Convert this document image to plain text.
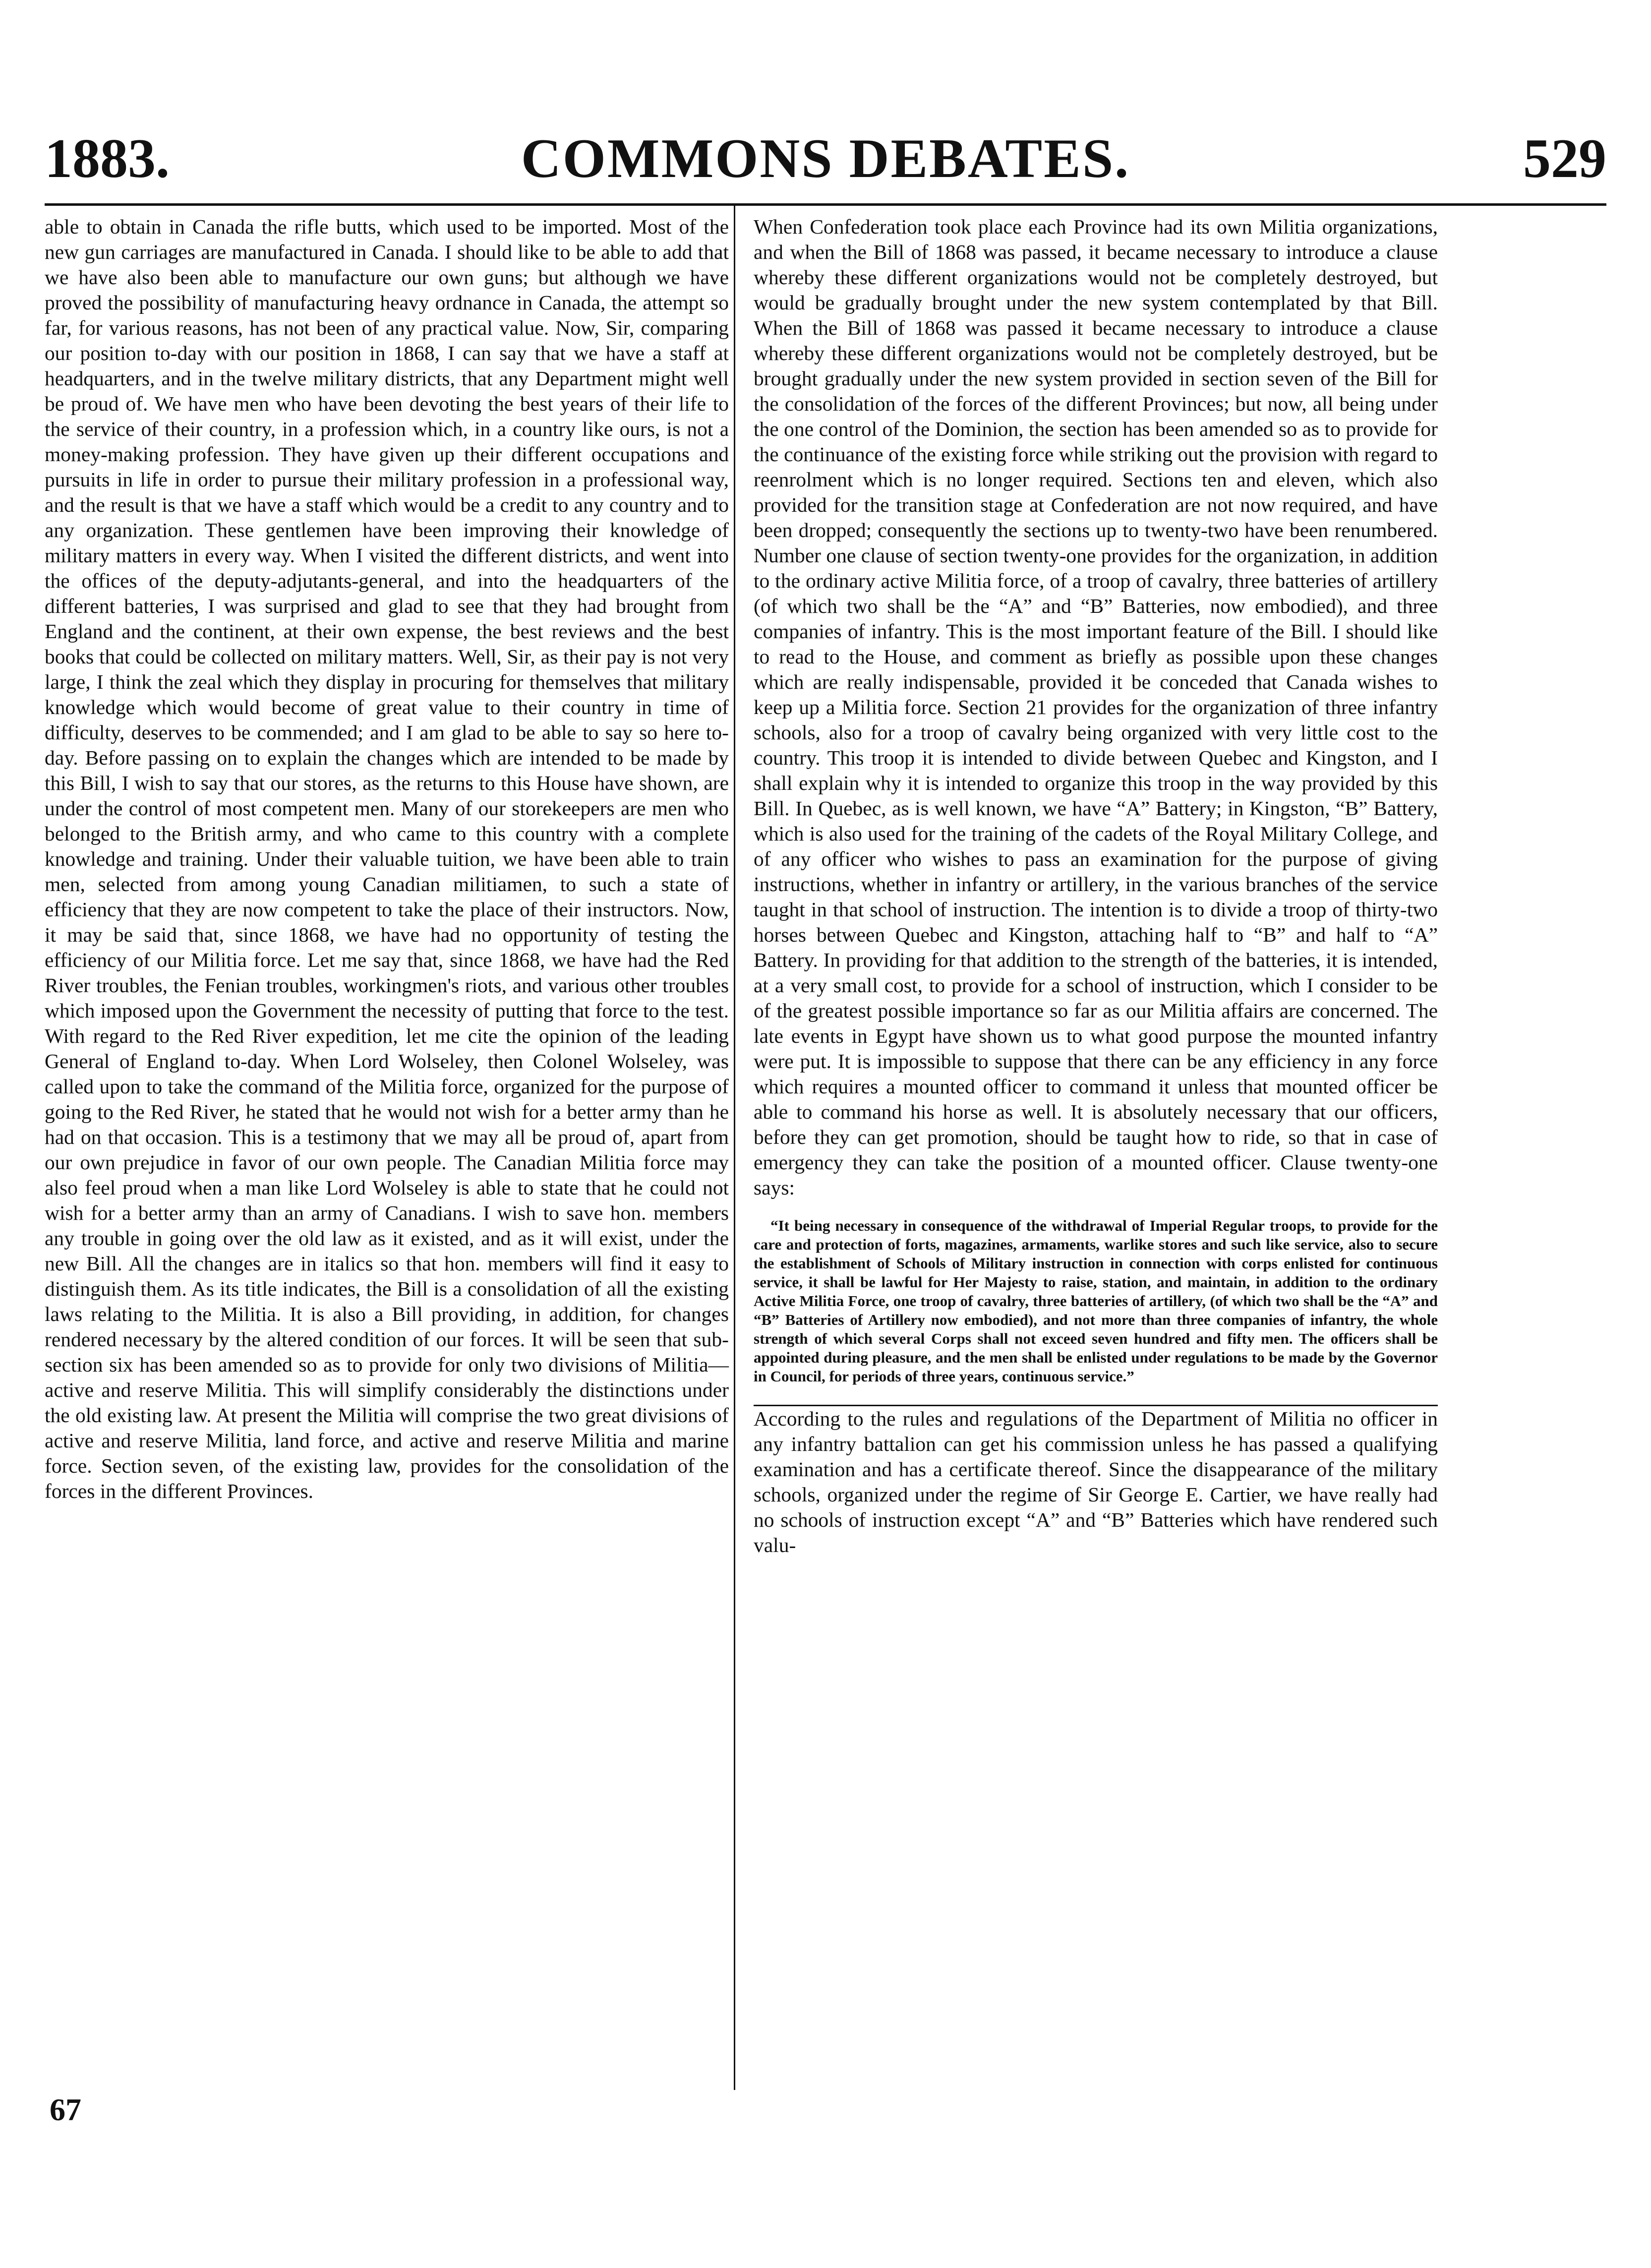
1883.	COMMONS DEBATES.	529

able to obtain in Canada the rifle butts, which used to be imported. Most of the new gun carriages are manufactured in Canada. I should like to be able to add that we have also been able to manufacture our own guns; but although we have proved the possibility of manufacturing heavy ordnance in Canada, the attempt so far, for various reasons, has not been of any practical value. Now, Sir, comparing our position to-day with our position in 1868, I can say that we have a staff at headquarters, and in the twelve military districts, that any Department might well be proud of. We have men who have been devoting the best years of their life to the service of their country, in a profession which, in a country like ours, is not a money-making profession. They have given up their different occupations and pursuits in life in order to pursue their military profession in a professional way, and the result is that we have a staff which would be a credit to any country and to any organization. These gentlemen have been improving their knowledge of military matters in every way. When I visited the different districts, and went into the offices of the deputy-adjutants-general, and into the headquarters of the different batteries, I was surprised and glad to see that they had brought from England and the continent, at their own expense, the best reviews and the best books that could be collected on military matters. Well, Sir, as their pay is not very large, I think the zeal which they display in procuring for themselves that military knowledge which would become of great value to their country in time of difficulty, deserves to be commended; and I am glad to be able to say so here to-day. Before passing on to explain the changes which are intended to be made by this Bill, I wish to say that our stores, as the returns to this House have shown, are under the control of most competent men. Many of our storekeepers are men who belonged to the British army, and who came to this country with a complete knowledge and training. Under their valuable tuition, we have been able to train men, selected from among young Canadian militiamen, to such a state of efficiency that they are now competent to take the place of their instructors. Now, it may be said that, since 1868, we have had no opportunity of testing the efficiency of our Militia force. Let me say that, since 1868, we have had the Red River troubles, the Fenian troubles, workingmen's riots, and various other troubles which imposed upon the Government the necessity of putting that force to the test. With regard to the Red River expedition, let me cite the opinion of the leading General of England to-day. When Lord Wolseley, then Colonel Wolseley, was called upon to take the command of the Militia force, organized for the purpose of going to the Red River, he stated that he would not wish for a better army than he had on that occasion. This is a testimony that we may all be proud of, apart from our own prejudice in favor of our own people. The Canadian Militia force may also feel proud when a man like Lord Wolseley is able to state that he could not wish for a better army than an army of Canadians. I wish to save hon. members any trouble in going over the old law as it existed, and as it will exist, under the new Bill. All the changes are in italics so that hon. members will find it easy to distinguish them. As its title indicates, the Bill is a consolidation of all the existing laws relating to the Militia. It is also a Bill providing, in addition, for changes rendered necessary by the altered condition of our forces. It will be seen that sub-section six has been amended so as to provide for only two divisions of Militia—active and reserve Militia. This will simplify considerably the distinctions under the old existing law. At present the Militia will comprise the two great divisions of active and reserve Militia, land force, and active and reserve Militia and marine force. Section seven, of the existing law, provides for the consolidation of the forces in the different Provinces.

When Confederation took place each Province had its own Militia organizations, and when the Bill of 1868 was passed, it became necessary to introduce a clause whereby these different organizations would not be completely destroyed, but would be gradually brought under the new system contemplated by that Bill. When the Bill of 1868 was passed it became necessary to introduce a clause whereby these different organizations would not be completely destroyed, but be brought gradually under the new system provided in section seven of the Bill for the consolidation of the forces of the different Provinces; but now, all being under the one control of the Dominion, the section has been amended so as to provide for the continuance of the existing force while striking out the provision with regard to reenrolment which is no longer required. Sections ten and eleven, which also provided for the transition stage at Confederation are not now required, and have been dropped; consequently the sections up to twenty-two have been renumbered. Number one clause of section twenty-one provides for the organization, in addition to the ordinary active Militia force, of a troop of cavalry, three batteries of artillery (of which two shall be the “A” and “B” Batteries, now embodied), and three companies of infantry. This is the most important feature of the Bill. I should like to read to the House, and comment as briefly as possible upon these changes which are really indispensable, provided it be conceded that Canada wishes to keep up a Militia force. Section 21 provides for the organization of three infantry schools, also for a troop of cavalry being organized with very little cost to the country. This troop it is intended to divide between Quebec and Kingston, and I shall explain why it is intended to organize this troop in the way provided by this Bill. In Quebec, as is well known, we have “A” Battery; in Kingston, “B” Battery, which is also used for the training of the cadets of the Royal Military College, and of any officer who wishes to pass an examination for the purpose of giving instructions, whether in infantry or artillery, in the various branches of the service taught in that school of instruction. The intention is to divide a troop of thirty-two horses between Quebec and Kingston, attaching half to “B” and half to “A” Battery. In providing for that addition to the strength of the batteries, it is intended, at a very small cost, to provide for a school of instruction, which I consider to be of the greatest possible importance so far as our Militia affairs are concerned. The late events in Egypt have shown us to what good purpose the mounted infantry were put. It is impossible to suppose that there can be any efficiency in any force which requires a mounted officer to command it unless that mounted officer be able to command his horse as well. It is absolutely necessary that our officers, before they can get promotion, should be taught how to ride, so that in case of emergency they can take the position of a mounted officer. Clause twenty-one says:

“It being necessary in consequence of the withdrawal of Imperial Regular troops, to provide for the care and protection of forts, magazines, armaments, warlike stores and such like service, also to secure the establishment of Schools of Military instruction in connection with corps enlisted for continuous service, it shall be lawful for Her Majesty to raise, station, and maintain, in addition to the ordinary Active Militia Force, one troop of cavalry, three batteries of artillery, (of which two shall be the “A” and “B” Batteries of Artillery now embodied), and not more than three companies of infantry, the whole strength of which several Corps shall not exceed seven hundred and fifty men. The officers shall be appointed during pleasure, and the men shall be enlisted under regulations to be made by the Governor in Council, for periods of three years, continuous service.”

According to the rules and regulations of the Department of Militia no officer in any infantry battalion can get his commission unless he has passed a qualifying examination and has a certificate thereof. Since the disappearance of the military schools, organized under the regime of Sir George E. Cartier, we have really had no schools of instruction except “A” and “B” Batteries which have rendered such valu-

67
